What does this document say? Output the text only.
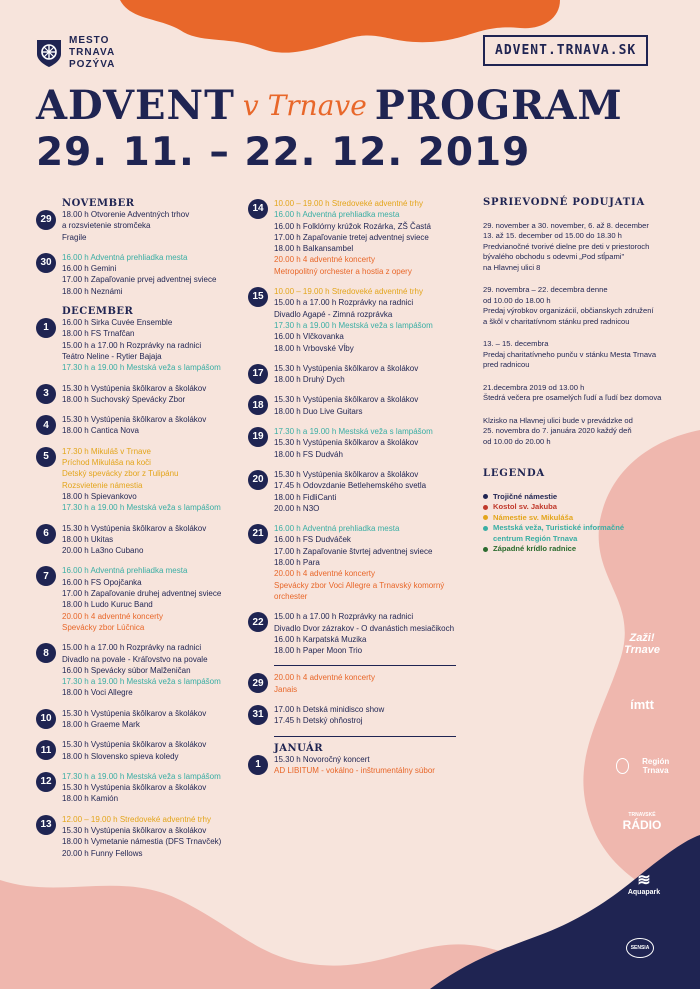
MESTO
TRNAVA
POZÝVA
ADVENT.TRNAVA.SK
ADVENT v Trnave PROGRAM
29. 11. – 22. 12. 2019
NOVEMBER
29	18.00 h Otvorenie Adventných trhov
a rozsvietenie stromčeka
Fragile
30	16.00 h Adventná prehliadka mesta
16.00 h Gemini
17.00 h Zapaľovanie prvej adventnej sviece
18.00 h Neznámi
DECEMBER
1	16.00 h Sirka Cuvée Ensemble
18.00 h FS Trnafčan
15.00 h a 17.00 h Rozprávky na radnici
Teátro Neline - Rytier Bajaja
17.30 h a 19.00 h Mestská veža s lampášom
3	15.30 h Vystúpenia škôlkarov a školákov
18.00 h Suchovský Spevácky Zbor
4	15.30 h Vystúpenia škôlkarov a školákov
18.00 h Cantica Nova
5	17.30 h Mikuláš v Trnave
Príchod Mikuláša na koči
Detský spevácky zbor z Tulipánu
Rozsvietenie námestia
18.00 h Spievankovo
17.30 h a 19.00 h Mestská veža s lampášom
6	15.30 h Vystúpenia škôlkarov a školákov
18.00 h Ukitas
20.00 h La3no Cubano
7	16.00 h Adventná prehliadka mesta
16.00 h FS Opojčanka
17.00 h Zapaľovanie druhej adventnej sviece
18.00 h Ludo Kuruc Band
20.00 h 4 adventné koncerty
Spevácky zbor Lúčnica
8	15.00 h a 17.00 h Rozprávky na radnici
Divadlo na povale - Kráľovstvo na povale
16.00 h Spevácky súbor Malženičan
17.30 h a 19.00 h Mestská veža s lampášom
18.00 h Voci Allegre
10	15.30 h Vystúpenia škôlkarov a školákov
18.00 h Graeme Mark
11	15.30 h Vystúpenia škôlkarov a školákov
18.00 h Slovensko spieva koledy
12	17.30 h a 19.00 h Mestská veža s lampášom
15.30 h Vystúpenia škôlkarov a školákov
18.00 h Kamión
13	12.00 – 19.00 h Stredoveké adventné trhy
15.30 h Vystúpenia škôlkarov a školákov
18.00 h Vymetanie námestia (DFS Trnavček)
20.00 h Funny Fellows
14	10.00 – 19.00 h Stredoveké adventné trhy
16.00 h Adventná prehliadka mesta
16.00 h Folklórny krúžok Rozárka, ZŠ Častá
17.00 h Zapaľovanie tretej adventnej sviece
18.00 h Balkansambel
20.00 h 4 adventné koncerty
Metropolitný orchester a hostia z opery
15	10.00 – 19.00 h Stredoveké adventné trhy
15.00 h a 17.00 h Rozprávky na radnici
Divadlo Agapé - Zimná rozprávka
17.30 h a 19.00 h Mestská veža s lampášom
16.00 h Vlčkovanka
18.00 h Vrbovské Vĺby
17	15.30 h Vystúpenia škôlkarov a školákov
18.00 h Druhý Dych
18	15.30 h Vystúpenia škôlkarov a školákov
18.00 h Duo Live Guitars
19	17.30 h a 19.00 h Mestská veža s lampášom
15.30 h Vystúpenia škôlkarov a školákov
18.00 h FS Dudváh
20	15.30 h Vystúpenia škôlkarov a školákov
17.45 h Odovzdanie Betlehemského svetla
18.00 h FidliCanti
20.00 h N3O
21	16.00 h Adventná prehliadka mesta
16.00 h FS Dudváček
17.00 h Zapaľovanie štvrtej adventnej sviece
18.00 h Para
20.00 h 4 adventné koncerty
Spevácky zbor Voci Allegre a Trnavský komorný
orchester
22	15.00 h a 17.00 h Rozprávky na radnici
Divadlo Dvor zázrakov - O dvanástich mesiačikoch
16.00 h Karpatská Muzika
18.00 h Paper Moon Trio
29	20.00 h 4 adventné koncerty
Janais
31	17.00 h Detská minidisco show
17.45 h Detský ohňostroj
JANUÁR
1	15.30 h Novoročný koncert
AD LIBITUM - vokálno - inštrumentálny súbor
SPRIEVODNÉ PODUJATIA
29. november a 30. november, 6. až 8. december
13. až 15. december od 15.00 do 18.30 h
Predvianočné tvorivé dielne pre deti v priestoroch
bývalého obchodu s odevmi „Pod stĺpami"
na Hlavnej ulici 8
29. novembra – 22. decembra denne
od 10.00 do 18.00 h
Predaj výrobkov organizácií, občianskych združení
a škôl v charitatívnom stánku pred radnicou
13. – 15. decembra
Predaj charitatívneho punču v stánku Mesta Trnava
pred radnicou
21.decembra 2019 od 13.00 h
Štedrá večera pre osamelých ľudí a ľudí bez domova
Klzisko na Hlavnej ulici bude v prevádzke od
25. novembra do 7. januára 2020 každý deň
od 10.00 do 20.00 h
LEGENDA
Trojičné námestie
Kostol sv. Jakuba
Námestie sv. Mikuláša
Mestská veža, Turistické informačné
centrum Región Trnava
Západné krídlo radnice
Zaži! Trnave
ímtt
Región Trnava
TRNAVSKÉ
RÁDIO
≋
Aquapark
SENSIA
